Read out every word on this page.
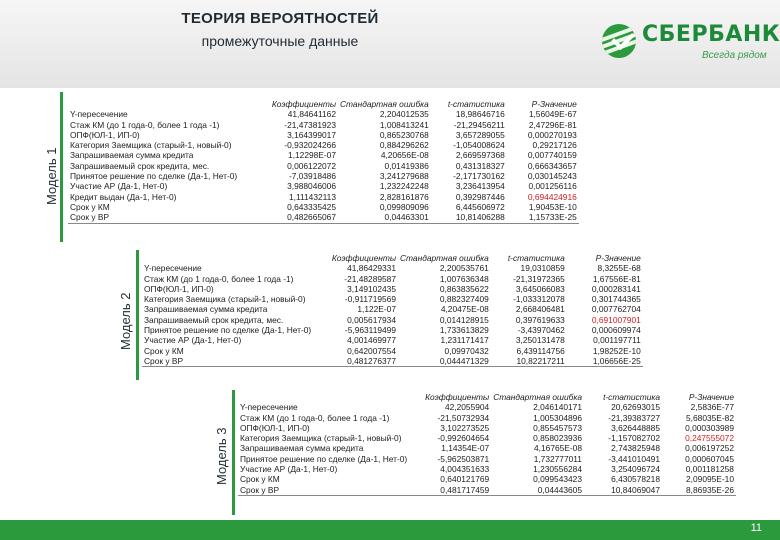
ТЕОРИЯ ВЕРОЯТНОСТЕЙ
промежуточные данные	СБЕРБАНК
Всегда рядом
Модель 1
	Коэффициенты	Стандартная ошибка	t-статистика	P-Значение
Y-пересечение	41,84641162	2,204012535	18,98646716	1,56049E-67
Стаж КМ (до 1 года-0, более 1 года -1)	-21,47381923	1,008413241	-21,29456211	2,47296E-81
ОПФ(ЮЛ-1, ИП-0)	3,164399017	0,865230768	3,657289055	0,000270193
Категория Заемщика (старый-1, новый-0)	-0,932024266	0,884296262	-1,054008624	0,29217126
Запрашиваемая сумма кредита	1,12298E-07	4,20656E-08	2,669597368	0,007740159
Запрашиваемый срок кредита, мес.	0,006122072	0,01419386	0,431318327	0,666343657
Принятое решение по сделке (Да-1, Нет-0)	-7,03918486	3,241279688	-2,171730162	0,030145243
Участие АР (Да-1, Нет-0)	3,988046006	1,232242248	3,236413954	0,001256116
Кредит выдан (Да-1, Нет-0)	1,111432113	2,828161876	0,392987446	0,694424916
Срок у КМ	0,643335425	0,099809096	6,445606972	1,90453E-10
Срок у ВР	0,482665067	0,04463301	10,81406288	1,15733E-25
Модель 2
	Коэффициенты	Стандартная ошибка	t-статистика	P-Значение
Y-пересечение	41,86429331	2,200535761	19,0310859	8,3255E-68
Стаж КМ (до 1 года-0, более 1 года -1)	-21,48289587	1,007636348	-21,31972365	1,67556E-81
ОПФ(ЮЛ-1, ИП-0)	3,149102435	0,863835622	3,645066083	0,000283141
Категория Заемщика (старый-1, новый-0)	-0,911719569	0,882327409	-1,033312078	0,301744365
Запрашиваемая сумма кредита	1,122E-07	4,20475E-08	2,668406481	0,007762704
Запрашиваемый срок кредита, мес.	0,005617934	0,014128915	0,397619633	0,691007901
Принятое решение по сделке (Да-1, Нет-0)	-5,963119499	1,733613829	-3,43970462	0,000609974
Участие АР (Да-1, Нет-0)	4,001469977	1,231171417	3,250131478	0,001197711
Срок у КМ	0,642007554	0,09970432	6,439114756	1,98252E-10
Срок у ВР	0,481276377	0,044471329	10,82217211	1,06656E-25
Модель 3
	Коэффициенты	Стандартная ошибка	t-статистика	P-Значение
Y-пересечение	42,2055904	2,046140171	20,62693015	2,5836E-77
Стаж КМ (до 1 года-0, более 1 года -1)	-21,50732934	1,005304896	-21,39383727	5,68035E-82
ОПФ(ЮЛ-1, ИП-0)	3,102273525	0,855457573	3,626448885	0,000303989
Категория Заемщика (старый-1, новый-0)	-0,992604654	0,858023936	-1,157082702	0,247555072
Запрашиваемая сумма кредита	1,14354E-07	4,16765E-08	2,743825948	0,006197252
Принятое решение по сделке (Да-1, Нет-0)	-5,962503871	1,732777011	-3,441010491	0,000607045
Участие АР (Да-1, Нет-0)	4,004351633	1,230556284	3,254096724	0,001181258
Срок у КМ	0,640121769	0,099543423	6,430578218	2,09095E-10
Срок у ВР	0,481717459	0,04443605	10,84069047	8,86935E-26
11
